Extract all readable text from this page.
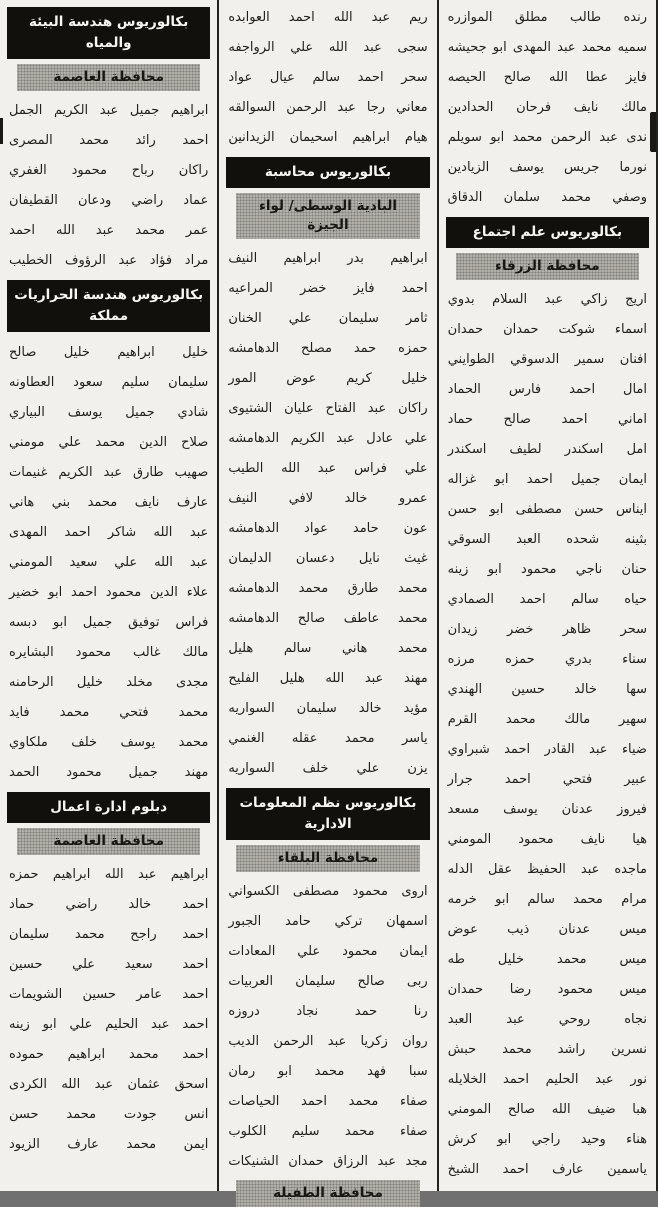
بكالوريوس هندسة البيئة
والمياه
محافظة العاصمة
ابراهيم
جميل
عبد
الكريم
الجمل
احمد
رائد
محمد
المصرى
راكان
رباح
محمود
الغفري
عماد
راضي
ودعان
القطيفان
عمر
محمد
عبد
الله
احمد
مراد
فؤاد
عبد
الرؤوف
الخطيب
بكالوريوس هندسة الحراريات
مملكة
خليل
ابراهيم
خليل
صالح
سليمان
سليم
سعود
العطاونه
شادي
جميل
يوسف
البياري
صلاح
الدين
محمد
علي
مومني
صهيب
طارق
عبد
الكريم
غنيمات
عارف
نايف
محمد
بني
هاني
عبد
الله
شاكر
احمد
المهدى
عبد
الله
علي
سعيد
المومني
علاء
الدين
محمود
احمد
ابو
خضير
فراس
توفيق
جميل
ابو
دبسه
مالك
غالب
محمود
البشايره
مجدى
مخلد
خليل
الرحامنه
محمد
فتحي
محمد
فايد
محمد
يوسف
خلف
ملكاوي
مهند
جميل
محمود
الحمد
دبلوم ادارة اعمال
محافظة العاصمة
ابراهيم
عبد
الله
ابراهيم
حمزه
احمد
خالد
راضي
حماد
احمد
راجح
محمد
سليمان
احمد
سعيد
علي
حسين
احمد
عامر
حسين
الشويمات
احمد
عبد
الحليم
علي
ابو
زينه
احمد
محمد
ابراهيم
حموده
اسحق
عثمان
عبد
الله
الكردى
انس
جودت
محمد
حسن
ايمن
محمد
عارف
الزيود
ريم
عبد
الله
احمد
العوابده
سجى
عبد
الله
علي
الرواجفه
سحر
احمد
سالم
عيال
عواد
معاني
رجا
عبد
الرحمن
السوالقه
هيام
ابراهيم
اسحيمان
الزيدانين
بكالوريوس محاسبة
البادية الوسطى/ لواء الجيزة
ابراهيم
بدر
ابراهيم
النيف
احمد
فايز
خضر
المراعيه
ثامر
سليمان
علي
الخنان
حمزه
حمد
مصلح
الدهامشه
خليل
كريم
عوض
المور
راكان
عبد
الفتاح
عليان
الشتيوى
علي
عادل
عبد
الكريم
الدهامشه
علي
فراس
عبد
الله
الطيب
عمرو
خالد
لافي
النيف
عون
حامد
عواد
الدهامشه
غيث
نايل
دعسان
الدليمان
محمد
طارق
محمد
الدهامشه
محمد
عاطف
صالح
الدهامشه
محمد
هاني
سالم
هليل
مهند
عبد
الله
هليل
الفليح
مؤيد
خالد
سليمان
السواريه
ياسر
محمد
عقله
الغنمي
يزن
علي
خلف
السواريه
بكالوريوس نظم المعلومات
الادارية
محافظة البلقاء
اروى
محمود
مصطفى
الكسواني
اسمهان
تركي
حامد
الجبور
ايمان
محمود
علي
المعادات
ربى
صالح
سليمان
العربيات
رنا
حمد
نجاد
دروزه
روان
زكريا
عبد
الرحمن
الديب
سبا
فهد
محمد
ابو
رمان
صفاء
محمد
احمد
الحياصات
صفاء
محمد
سليم
الكلوب
مجد
عبد
الرزاق
حمدان
الشنيكات
محافظة الطفيلة
رنده
طالب
مطلق
الموازره
سميه
محمد
عبد
المهدى
ابو
جحيشه
فايز
عطا
الله
صالح
الحيصه
مالك
نايف
فرحان
الحدادين
ندى
عبد
الرحمن
محمد
ابو
سويلم
نورما
جريس
يوسف
الزيادين
وصفي
محمد
سلمان
الدقاق
بكالوريوس علم اجتماع
محافظة الزرقاء
اريج
زاكي
عبد
السلام
بدوي
اسماء
شوكت
حمدان
حمدان
افنان
سمير
الدسوقي
الطوايني
امال
احمد
فارس
الحماد
اماني
احمد
صالح
حماد
امل
اسكندر
لطيف
اسكندر
ايمان
جميل
احمد
ابو
غزاله
ايناس
حسن
مصطفى
ابو
حسن
بثينه
شحده
العبد
السوقي
حنان
ناجي
محمود
ابو
زينه
حياه
سالم
احمد
الصمادي
سحر
ظاهر
خضر
زيدان
سناء
بدري
حمزه
مرزه
سها
خالد
حسين
الهندي
سهير
مالك
محمد
القرم
ضياء
عبد
القادر
احمد
شبراوي
عبير
فتحي
احمد
جرار
فيروز
عدنان
يوسف
مسعد
هيا
نايف
محمود
المومني
ماجده
عبد
الحفيظ
عقل
الدله
مرام
محمد
سالم
ابو
خرمه
ميس
عدنان
ذيب
عوض
ميس
محمد
خليل
طه
ميس
محمود
رضا
حمدان
نجاه
روحي
عبد
العبد
نسرين
راشد
محمد
حبش
نور
عبد
الحليم
احمد
الخلايله
هبا
ضيف
الله
صالح
المومني
هناء
وحيد
راجي
ابو
كرش
ياسمين
عارف
احمد
الشيخ
